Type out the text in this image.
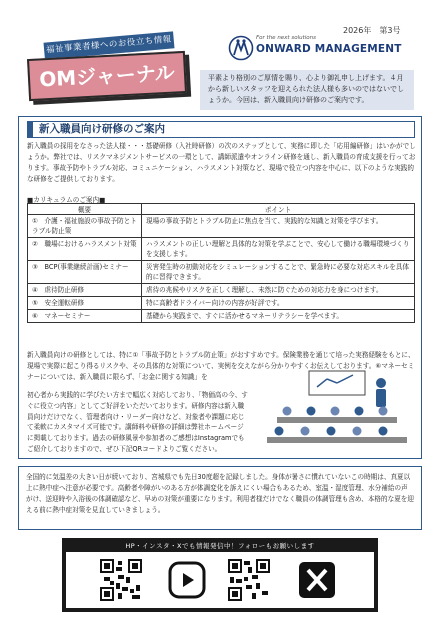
福祉事業者様へのお役立ち情報
OMジャーナル
2026年　第3号
For the next solutions
ONWARD MANAGEMENT
平素より格別のご厚情を賜り、心より御礼申し上げます。４月から新しいスタッフを迎えられた法人様も多いのではないでしょうか。今回は、新入職員向け研修のご案内です。
新入職員向け研修のご案内
新入職員の採用をなさった法人様・・・基礎研修（入社時研修）の次のステップとして、実務に即した「応用編研修」はいかがでしょうか。弊社では、リスクマネジメントサービスの一環として、講師派遣やオンライン研修を通し、新入職員の育成支援を行っております。事故予防やトラブル対応、コミュニケーション、ハラスメント対策など、現場で役立つ内容を中心に、以下のような実践的な研修をご提供しております。
■カリキュラムのご案内■
概要	ポイント
①　介護・福祉施設の事故予防とトラブル防止策	現場の事故予防とトラブル防止に焦点を当て、実践的な知識と対策を学びます。
②　職場におけるハラスメント対策	ハラスメントの正しい理解と具体的な対策を学ぶことで、安心して働ける職場環境づくりを支援します。
③　BCP(事業継続計画)セミナー	災害発生時の初動対応をシミュレーションすることで、緊急時に必要な対応スキルを具体的に習得できます。
④　虐待防止研修	虐待の兆候やリスクを正しく理解し、未然に防ぐための対応力を身につけます。
⑤　安全運転研修	特に高齢者ドライバー向けの内容が好評です。
⑥　マネーセミナー	基礎から実践まで、すぐに活かせるマネーリテラシーを学べます。
新入職員向けの研修としては、特に①「事故予防とトラブル防止策」がおすすめです。保険業務を通じて培った実務経験をもとに、現場で実際に起こり得るリスクや、その具体的な対策について、実例を交えながら分かりやすくお伝えしております。⑥マネーセミナーについては、新入職員に限らず、「お金に関する知識」を
初心者から実践的に学びたい方まで幅広く対応しており、「物価高の今、すぐに役立つ内容」としてご好評をいただいております。研修内容は新入職員向けだけでなく、管理者向け・リーダー向けなど、対象者や課題に応じて柔軟にカスタマイズ可能です。講師料や研修の詳細は弊社ホームページに掲載しております。過去の研修風景や参加者のご感想はInstagramでもご紹介しておりますので、ぜひ下記QRコードよりご覧ください。
全国的に気温差の大きい日が続いており、宮城県でも先日30度超を記録しました。身体が暑さに慣れていないこの時期は、真夏以上に熱中症へ注意が必要です。高齢者や障がいのある方が体調変化を訴えにくい場合もあるため、室温・湿度管理、水分補給の声がけ、送迎時や入浴後の体調確認など、早めの対策が重要になります。利用者様だけでなく職員の体調管理も含め、本格的な夏を迎える前に熱中症対策を見直していきましょう。
HP・インスタ・Xでも情報発信中！フォローもお願いします
